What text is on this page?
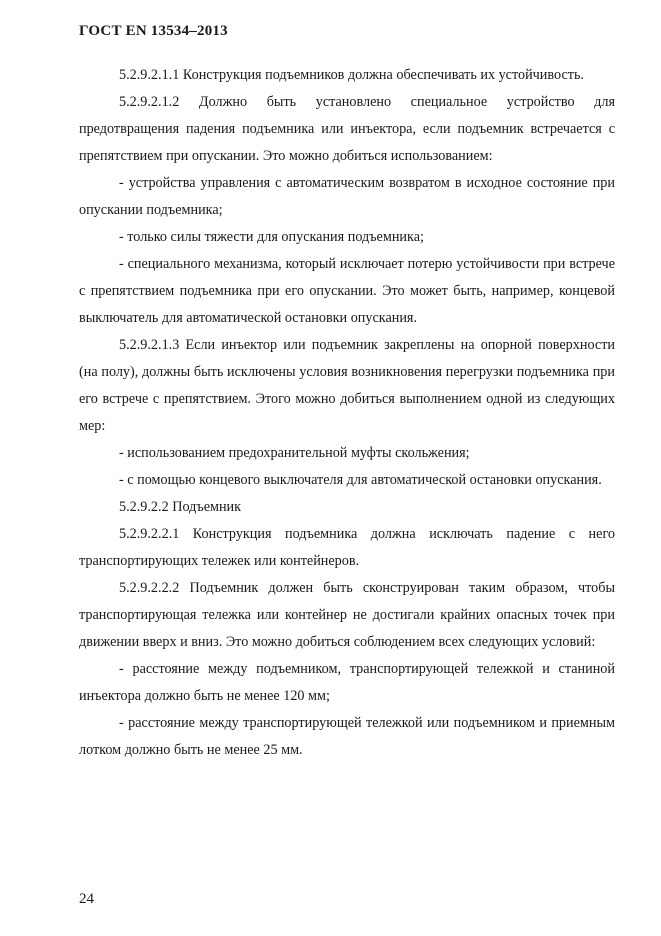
ГОСТ EN 13534–2013

5.2.9.2.1.1 Конструкция подъемников должна обеспечивать их устойчивость.

5.2.9.2.1.2 Должно быть установлено специальное устройство для предотвращения падения подъемника или инъектора, если подъемник встречается с препятствием при опускании. Это можно добиться использованием:

- устройства управления с автоматическим возвратом в исходное состояние при опускании подъемника;

- только силы тяжести для опускания подъемника;

- специального механизма, который исключает потерю устойчивости при встрече с препятствием подъемника при его опускании. Это может быть, например, концевой выключатель для автоматической остановки опускания.

5.2.9.2.1.3 Если инъектор или подъемник закреплены на опорной поверхности (на полу), должны быть исключены условия возникновения перегрузки подъемника при его встрече с препятствием. Этого можно добиться выполнением одной из следующих мер:

- использованием предохранительной муфты скольжения;

- с помощью концевого выключателя для автоматической остановки опускания.

5.2.9.2.2 Подъемник

5.2.9.2.2.1 Конструкция подъемника должна исключать падение с него транспортирующих тележек или контейнеров.

5.2.9.2.2.2 Подъемник должен быть сконструирован таким образом, чтобы транспортирующая тележка или контейнер не достигали крайних опасных точек при движении вверх и вниз. Это можно добиться соблюдением всех следующих условий:

- расстояние между подъемником, транспортирующей тележкой и станиной инъектора должно быть не менее 120 мм;

- расстояние между транспортирующей тележкой или подъемником и приемным лотком должно быть не менее 25 мм.

24
